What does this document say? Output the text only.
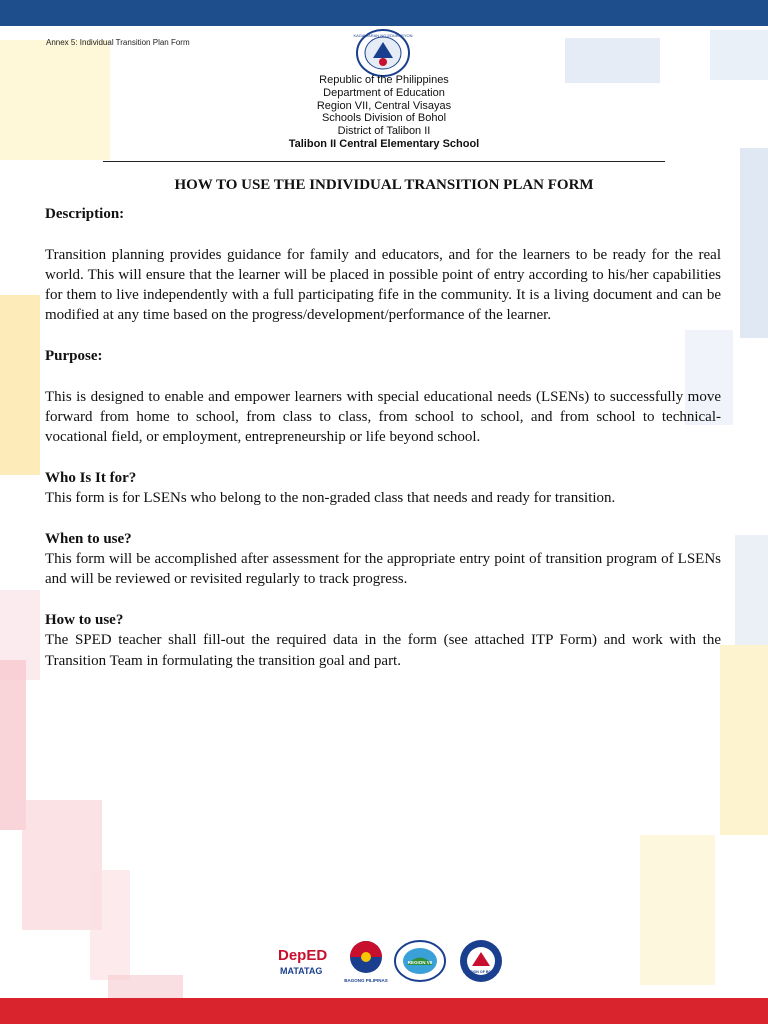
Annex 5: Individual Transition Plan Form
KAGAWARAN NG EDUKASYON
Republic of the Philippines
Department of Education
Region VII, Central Visayas
Schools Division of Bohol
District of Talibon II
Talibon II Central Elementary School
HOW TO USE THE INDIVIDUAL TRANSITION PLAN FORM
Description:

Transition planning provides guidance for family and educators, and for the learners to be ready for the real world. This will ensure that the learner will be placed in possible point of entry according to his/her capabilities for them to live independently with a full participating fife in the community. It is a living document and can be modified at any time based on the progress/development/performance of the learner.

Purpose:

This is designed to enable and empower learners with special educational needs (LSENs) to successfully move forward from home to school, from class to class, from school to school, and from school to technical-vocational field, or employment, entrepreneurship or life beyond school.

Who Is It for?

This form is for LSENs who belong to the non-graded class that needs and ready for transition.

When to use?

This form will be accomplished after assessment for the appropriate entry point of transition program of LSENs and will be reviewed or revisited regularly to track progress.

How to use?

The SPED teacher shall fill-out the required data in the form (see attached ITP Form) and work with the Transition Team in formulating the transition goal and part.

DepED
MATATAG
BAGONG PILIPINAS
REGION VII
DIVISION OF BOHOL
